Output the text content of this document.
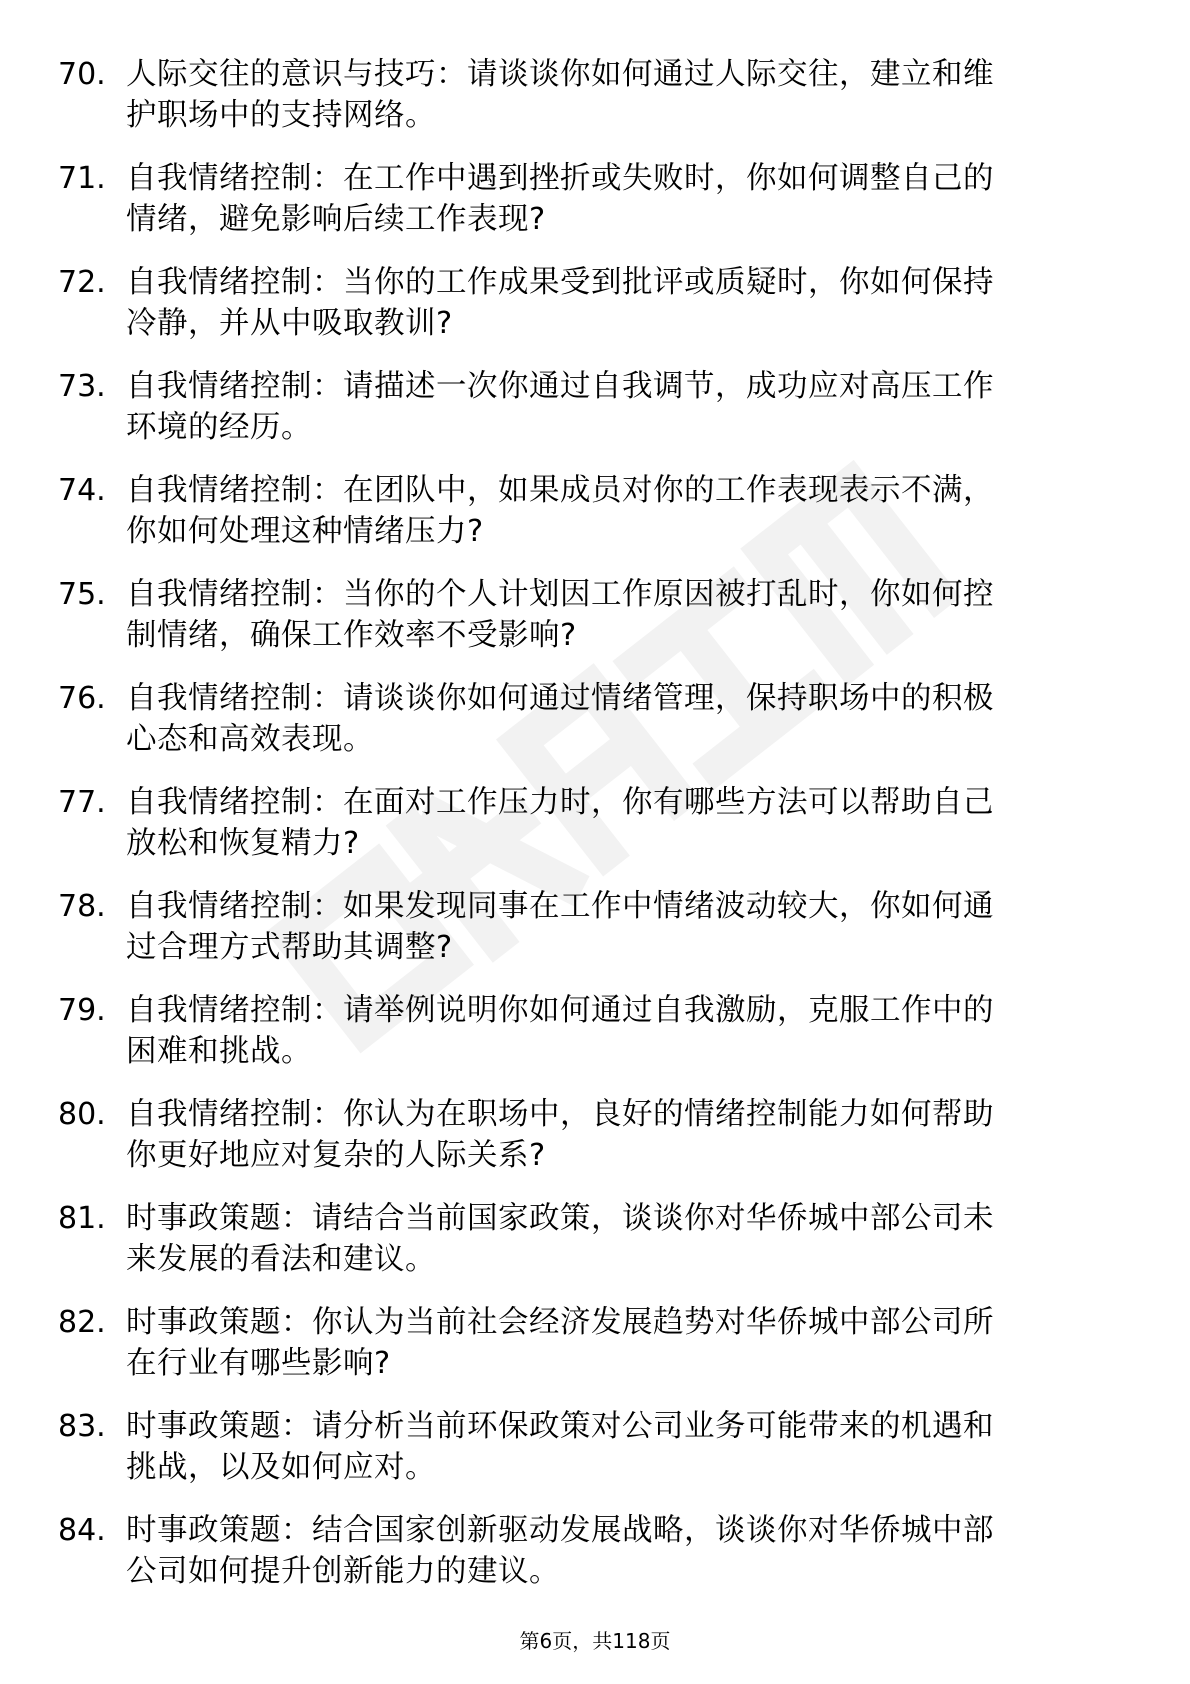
70. 人际交往的意识与技巧：请谈谈你如何通过人际交往，建立和维
护职场中的支持网络。
71. 自我情绪控制：在工作中遇到挫折或失败时，你如何调整自己的
情绪，避免影响后续工作表现?
72. 自我情绪控制：当你的工作成果受到批评或质疑时，你如何保持
冷静，并从中吸取教训?
73. 自我情绪控制：请描述一次你通过自我调节，成功应对高压工作
环境的经历。
74. 自我情绪控制：在团队中，如果成员对你的工作表现表示不满，
你如何处理这种情绪压力?
75. 自我情绪控制：当你的个人计划因工作原因被打乱时，你如何控
制情绪，确保工作效率不受影响?
76. 自我情绪控制：请谈谈你如何通过情绪管理，保持职场中的积极
心态和高效表现。
77. 自我情绪控制：在面对工作压力时，你有哪些方法可以帮助自己
放松和恢复精力?
78. 自我情绪控制：如果发现同事在工作中情绪波动较大，你如何通
过合理方式帮助其调整?
79. 自我情绪控制：请举例说明你如何通过自我激励，克服工作中的
困难和挑战。
80. 自我情绪控制：你认为在职场中，良好的情绪控制能力如何帮助
你更好地应对复杂的人际关系?
81. 时事政策题：请结合当前国家政策，谈谈你对华侨城中部公司未
来发展的看法和建议。
82. 时事政策题：你认为当前社会经济发展趋势对华侨城中部公司所
在行业有哪些影响?
83. 时事政策题：请分析当前环保政策对公司业务可能带来的机遇和
挑战，以及如何应对。
84. 时事政策题：结合国家创新驱动发展战略，谈谈你对华侨城中部
公司如何提升创新能力的建议。
第6页，共118页
